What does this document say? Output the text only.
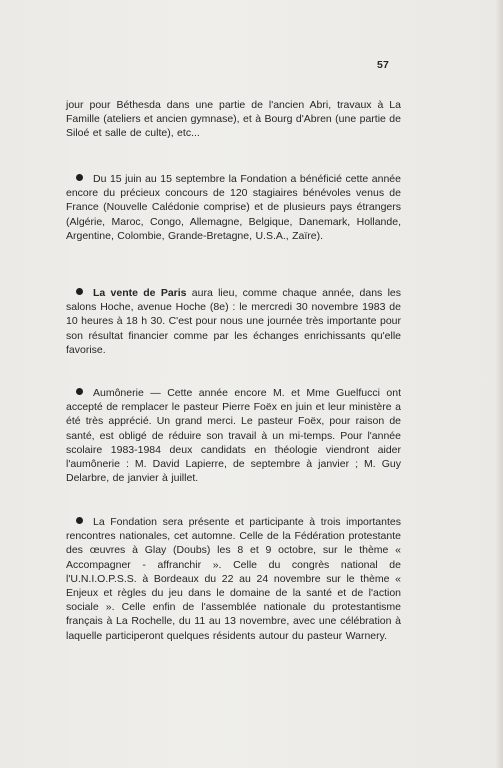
57

jour pour Béthesda dans une partie de l'ancien Abri, travaux à La Famille (ateliers et ancien gymnase), et à Bourg d'Abren (une partie de Siloé et salle de culte), etc...

Du 15 juin au 15 septembre la Fondation a bénéficié cette année encore du précieux concours de 120 stagiaires bénévoles venus de France (Nouvelle Calédonie comprise) et de plusieurs pays étrangers (Algérie, Maroc, Congo, Allemagne, Belgique, Danemark, Hollande, Argentine, Colombie, Grande-Bretagne, U.S.A., Zaïre).

La vente de Paris aura lieu, comme chaque année, dans les salons Hoche, avenue Hoche (8e) : le mercredi 30 novembre 1983 de 10 heures à 18 h 30. C'est pour nous une journée très importante pour son résultat financier comme par les échanges enrichissants qu'elle favorise.

Aumônerie — Cette année encore M. et Mme Guelfucci ont accepté de remplacer le pasteur Pierre Foëx en juin et leur ministère a été très apprécié. Un grand merci. Le pasteur Foëx, pour raison de santé, est obligé de réduire son travail à un mi-temps. Pour l'année scolaire 1983-1984 deux candidats en théologie viendront aider l'aumônerie : M. David Lapierre, de septembre à janvier ; M. Guy Delarbre, de janvier à juillet.

La Fondation sera présente et participante à trois importantes rencontres nationales, cet automne. Celle de la Fédération protestante des œuvres à Glay (Doubs) les 8 et 9 octobre, sur le thème « Accompagner - affranchir ». Celle du congrès national de l'U.N.I.O.P.S.S. à Bordeaux du 22 au 24 novembre sur le thème « Enjeux et règles du jeu dans le domaine de la santé et de l'action sociale ». Celle enfin de l'assemblée nationale du protestantisme français à La Rochelle, du 11 au 13 novembre, avec une célébration à laquelle participeront quelques résidents autour du pasteur Warnery.
